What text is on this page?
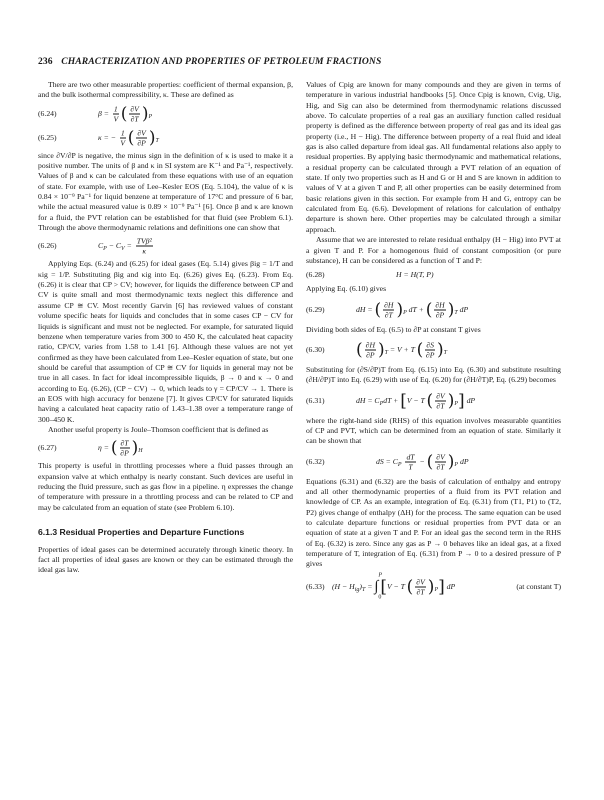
236 CHARACTERIZATION AND PROPERTIES OF PETROLEUM FRACTIONS

There are two other measurable properties: coefficient of thermal expansion, β, and the bulk isothermal compressibility, κ. These are defined as

(6.24)	$\beta = \frac{1}{V}$ ( $\frac{\partial V}{\partial T} )_P$
(6.25)	κ = − $\frac{1}{V}$ ( $\frac{\partial V}{\partial P} )_T$

since ∂V/∂P is negative, the minus sign in the definition of κ is used to make it a positive number. The units of β and κ in SI system are K⁻¹ and Pa⁻¹, respectively. Values of β and κ can be calculated from these equations with use of an equation of state. For example, with use of Lee–Kesler EOS (Eq. 5.104), the value of κ is 0.84 × 10⁻⁹ Pa⁻¹ for liquid benzene at temperature of 17°C and pressure of 6 bar, while the actual measured value is 0.89 × 10⁻⁹ Pa⁻¹ [6]. Once β and κ are known for a fluid, the PVT relation can be established for that fluid (see Problem 6.1). Through the above thermodynamic relations and definitions one can show that

(6.26)	$C_P - C_V = \frac{\text{TVβ²}}{\kappa}$

Applying Eqs. (6.24) and (6.25) for ideal gases (Eq. 5.14) gives βig = 1/T and κig = 1/P. Substituting βig and κig into Eq. (6.26) gives Eq. (6.23). From Eq. (6.26) it is clear that CP > CV; however, for liquids the difference between CP and CV is quite small and most thermodynamic texts neglect this difference and assume CP ≅ CV. Most recently Garvin [6] has reviewed values of constant volume specific heats for liquids and concludes that in some cases CP − CV for liquids is significant and must not be neglected. For example, for saturated liquid benzene when temperature varies from 300 to 450 K, the calculated heat capacity ratio, CP/CV, varies from 1.58 to 1.41 [6]. Although these values are not yet confirmed as they have been calculated from Lee–Kesler equation of state, but one should be careful that assumption of CP ≅ CV for liquids in general may not be true in all cases. In fact for ideal incompressible liquids, β → 0 and κ → 0 and according to Eq. (6.26), (CP − CV) → 0, which leads to γ = CP/CV → 1. There is an EOS with high accuracy for benzene [7]. It gives CP/CV for saturated liquids having a calculated heat capacity ratio of 1.43–1.38 over a temperature range of 300–450 K.

Another useful property is Joule–Thomson coefficient that is defined as

(6.27)	η = ( $\frac{\partial T}{\partial P} )_H$

This property is useful in throttling processes where a fluid passes through an expansion valve at which enthalpy is nearly constant. Such devices are useful in reducing the fluid pressure, such as gas flow in a pipeline. η expresses the change of temperature with pressure in a throttling process and can be related to CP and may be calculated from an equation of state (see Problem 6.10).

6.1.3 Residual Properties and Departure Functions

Properties of ideal gases can be determined accurately through kinetic theory. In fact all properties of ideal gases are known or they can be estimated through the ideal gas law.

Values of Cpig are known for many compounds and they are given in terms of temperature in various industrial handbooks [5]. Once Cpig is known, Cvig, Uig, Hig, and Sig can also be determined from thermodynamic relations discussed above. To calculate properties of a real gas an auxiliary function called residual property is defined as the difference between property of real gas and its ideal gas property (i.e., H − Hig). The difference between property of a real fluid and ideal gas is also called departure from ideal gas. All fundamental relations also apply to residual properties. By applying basic thermodynamic and mathematical relations, a residual property can be calculated through a PVT relation of an equation of state. If only two properties such as H and G or H and S are known in addition to values of V at a given T and P, all other properties can be easily determined from basic relations given in this section. For example from H and G, entropy can be calculated from Eq. (6.6). Development of relations for calculation of enthalpy departure is shown here. Other properties may be calculated through a similar approach.

Assume that we are interested to relate residual enthalpy (H − Hig) into PVT at a given T and P. For a homogenous fluid of constant composition (or pure substance), H can be considered as a function of T and P:

(6.28)	H = H(T, P)

Applying Eq. (6.10) gives

(6.29)	dH = ( $\frac{\partial H}{\partial T} )_P$ dT + ( $\frac{\partial H}{\partial P} )_T$ dP

Dividing both sides of Eq. (6.5) to ∂P at constant T gives

(6.30) ( $\frac{\partial H}{\partial P} )_T = V + T$ ( $\frac{\partial S}{\partial P} )_T$

Substituting for (∂S/∂P)T from Eq. (6.15) into Eq. (6.30) and substitute resulting (∂H/∂P)T into Eq. (6.29) with use of Eq. (6.20) for (∂H/∂T)P, Eq. (6.29) becomes

(6.31)	dH = $C_PdT + [V - T$ ( $\frac{\partial V}{\partial T} )_P$] dP

where the right-hand side (RHS) of this equation involves measurable quantities of CP and PVT, which can be determined from an equation of state. Similarly it can be shown that

(6.32)	dS = $C_P \frac{dT}{T}$ − ( $\frac{\partial V}{\partial T} )_P$ dP

Equations (6.31) and (6.32) are the basis of calculation of enthalpy and entropy and all other thermodynamic properties of a fluid from its PVT relation and knowledge of CP. As an example, integration of Eq. (6.31) from (T1, P1) to (T2, P2) gives change of enthalpy (ΔH) for the process. The same equation can be used to calculate departure functions or residual properties from PVT data or an equation of state at a given T and P. For an ideal gas the second term in the RHS of Eq. (6.32) is zero. Since any gas as P → 0 behaves like an ideal gas, at a fixed temperature of T, integration of Eq. (6.31) from P → 0 to a desired pressure of P gives

(6.33) $(H - H_{ig})_T$ = ∫
P
0
[V − T ( $\frac{\partial V}{\partial T} )_P$] dP	(at constant T)
